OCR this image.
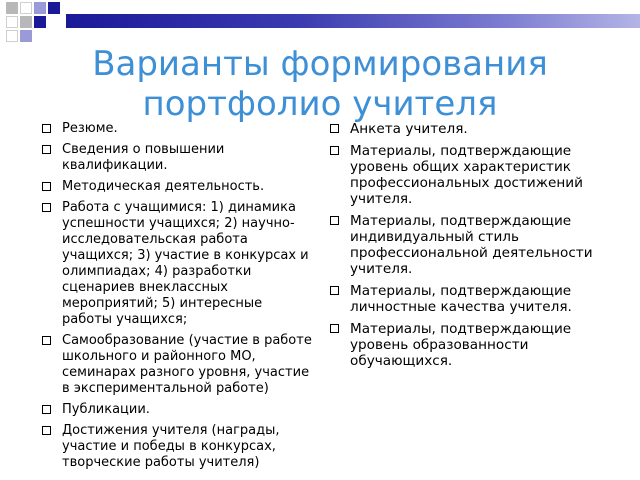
Варианты формирования
портфолио учителя
Резюме.
Сведения о повышении квалификации.
Методическая деятельность.
Работа с учащимися: 1) динамика успешности учащихся; 2) научно-исследовательская работа учащихся; 3) участие в конкурсах и олимпиадах; 4) разработки сценариев внеклассных мероприятий; 5) интересные работы учащихся;
Самообразование (участие в работе школьного и районного МО, семинарах разного уровня, участие в экспериментальной работе)
Публикации.
Достижения учителя (награды, участие и победы в конкурсах, творческие работы учителя)
Анкета учителя.
Материалы, подтверждающие уровень общих характеристик профессиональных достижений учителя.
Материалы, подтверждающие индивидуальный стиль профессиональной деятельности учителя.
Материалы, подтверждающие личностные качества учителя.
Материалы, подтверждающие уровень образованности обучающихся.
